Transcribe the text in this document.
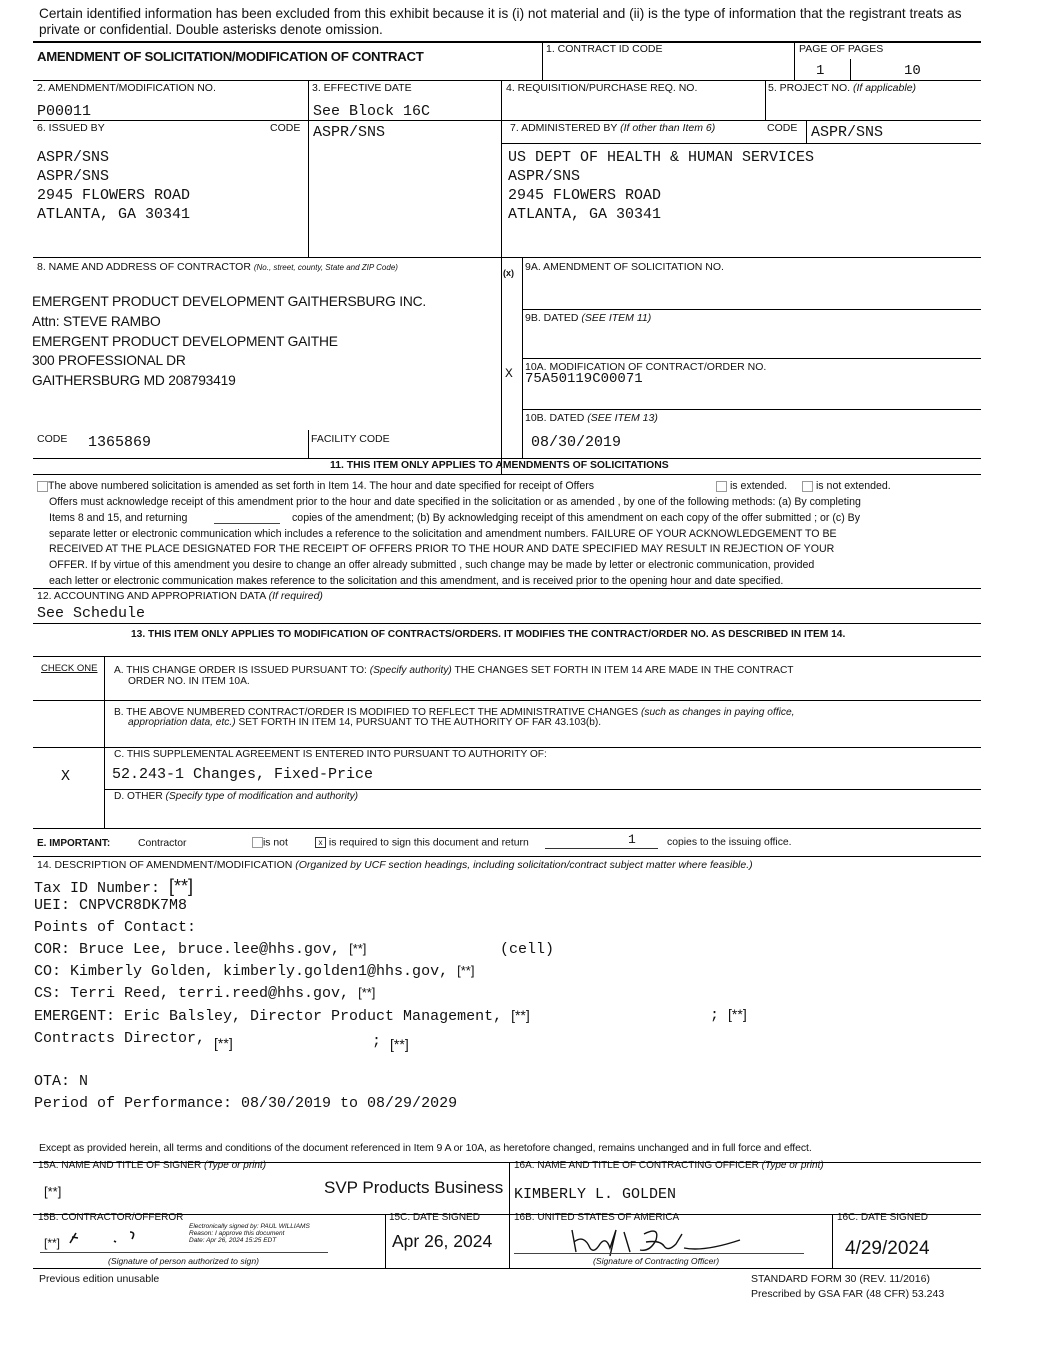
Certain identified information has been excluded from this exhibit because it is (i) not material and (ii) is the type of information that the registrant treats as
private or confidential. Double asterisks denote omission.
AMENDMENT OF SOLICITATION/MODIFICATION OF CONTRACT	1. CONTRACT ID CODE	PAGE OF PAGES
1	10
2. AMENDMENT/MODIFICATION NO.
P00011
3. EFFECTIVE DATE
See Block 16C
4. REQUISITION/PURCHASE REQ. NO.	5. PROJECT NO. (If applicable)
6. ISSUED BY	CODE ASPR/SNS
ASPR/SNS
ASPR/SNS
2945 FLOWERS ROAD
ATLANTA, GA 30341
7. ADMINISTERED BY (If other than Item 6)	CODE ASPR/SNS
US DEPT OF HEALTH & HUMAN SERVICES
ASPR/SNS
2945 FLOWERS ROAD
ATLANTA, GA 30341
8. NAME AND ADDRESS OF CONTRACTOR (No., street, county, State and ZIP Code)
EMERGENT PRODUCT DEVELOPMENT GAITHERSBURG INC.
Attn: STEVE RAMBO
EMERGENT PRODUCT DEVELOPMENT GAITHE
300 PROFESSIONAL DR
GAITHERSBURG MD 208793419
CODE 1365869	FACILITY CODE
(x) 9A. AMENDMENT OF SOLICITATION NO.
9B. DATED (SEE ITEM 11)
X 10A. MODIFICATION OF CONTRACT/ORDER NO.
75A50119C00071
10B. DATED (SEE ITEM 13)
08/30/2019
11. THIS ITEM ONLY APPLIES TO AMENDMENTS OF SOLICITATIONS
The above numbered solicitation is amended as set forth in Item 14. The hour and date specified for receipt of Offers	is extended.	is not extended.
Offers must acknowledge receipt of this amendment prior to the hour and date specified in the solicitation or as amended , by one of the following methods: (a) By completing
Items 8 and 15, and returning	copies of the amendment; (b) By acknowledging receipt of this amendment on each copy of the offer submitted ; or (c) By
separate letter or electronic communication which includes a reference to the solicitation and amendment numbers. FAILURE OF YOUR ACKNOWLEDGEMENT TO BE
RECEIVED AT THE PLACE DESIGNATED FOR THE RECEIPT OF OFFERS PRIOR TO THE HOUR AND DATE SPECIFIED MAY RESULT IN REJECTION OF YOUR
OFFER. If by virtue of this amendment you desire to change an offer already submitted , such change may be made by letter or electronic communication, provided
each letter or electronic communication makes reference to the solicitation and this amendment, and is received prior to the opening hour and date specified.
12. ACCOUNTING AND APPROPRIATION DATA (If required)
See Schedule
13. THIS ITEM ONLY APPLIES TO MODIFICATION OF CONTRACTS/ORDERS. IT MODIFIES THE CONTRACT/ORDER NO. AS DESCRIBED IN ITEM 14.
CHECK ONE A. THIS CHANGE ORDER IS ISSUED PURSUANT TO: (Specify authority) THE CHANGES SET FORTH IN ITEM 14 ARE MADE IN THE CONTRACT
ORDER NO. IN ITEM 10A.
B. THE ABOVE NUMBERED CONTRACT/ORDER IS MODIFIED TO REFLECT THE ADMINISTRATIVE CHANGES (such as changes in paying office,
appropriation data, etc.) SET FORTH IN ITEM 14, PURSUANT TO THE AUTHORITY OF FAR 43.103(b).
C. THIS SUPPLEMENTAL AGREEMENT IS ENTERED INTO PURSUANT TO AUTHORITY OF:
X	52.243-1 Changes, Fixed-Price
D. OTHER (Specify type of modification and authority)
E. IMPORTANT:	Contractor	is not	x is required to sign this document and return	1	copies to the issuing office.
14. DESCRIPTION OF AMENDMENT/MODIFICATION (Organized by UCF section headings, including solicitation/contract subject matter where feasible.)
Tax ID Number: [**]
UEI: CNPVCR8DK7M8
Points of Contact:
COR: Bruce Lee, bruce.lee@hhs.gov, [**]	(cell)
CO: Kimberly Golden, kimberly.golden1@hhs.gov, [**]
CS: Terri Reed, terri.reed@hhs.gov, [**]
EMERGENT: Eric Balsley, Director Product Management, [**]	; [**]
Contracts Director, [**]	; [**]
OTA: N
Period of Performance: 08/30/2019 to 08/29/2029
Except as provided herein, all terms and conditions of the document referenced in Item 9 A or 10A, as heretofore changed, remains unchanged and in full force and effect.
15A. NAME AND TITLE OF SIGNER (Type or print)
[**]	SVP Products Business
16A. NAME AND TITLE OF CONTRACTING OFFICER (Type or print)
KIMBERLY L. GOLDEN
15B. CONTRACTOR/OFFEROR
[**]
Electronically signed by: PAUL WILLIAMS
Reason: I approve this document
Date: Apr 26, 2024 15:25 EDT
(Signature of person authorized to sign)
15C. DATE SIGNED
Apr 26, 2024
16B. UNITED STATES OF AMERICA
(Signature of Contracting Officer)
16C. DATE SIGNED
4/29/2024
Previous edition unusable	STANDARD FORM 30 (REV. 11/2016)
Prescribed by GSA FAR (48 CFR) 53.243
